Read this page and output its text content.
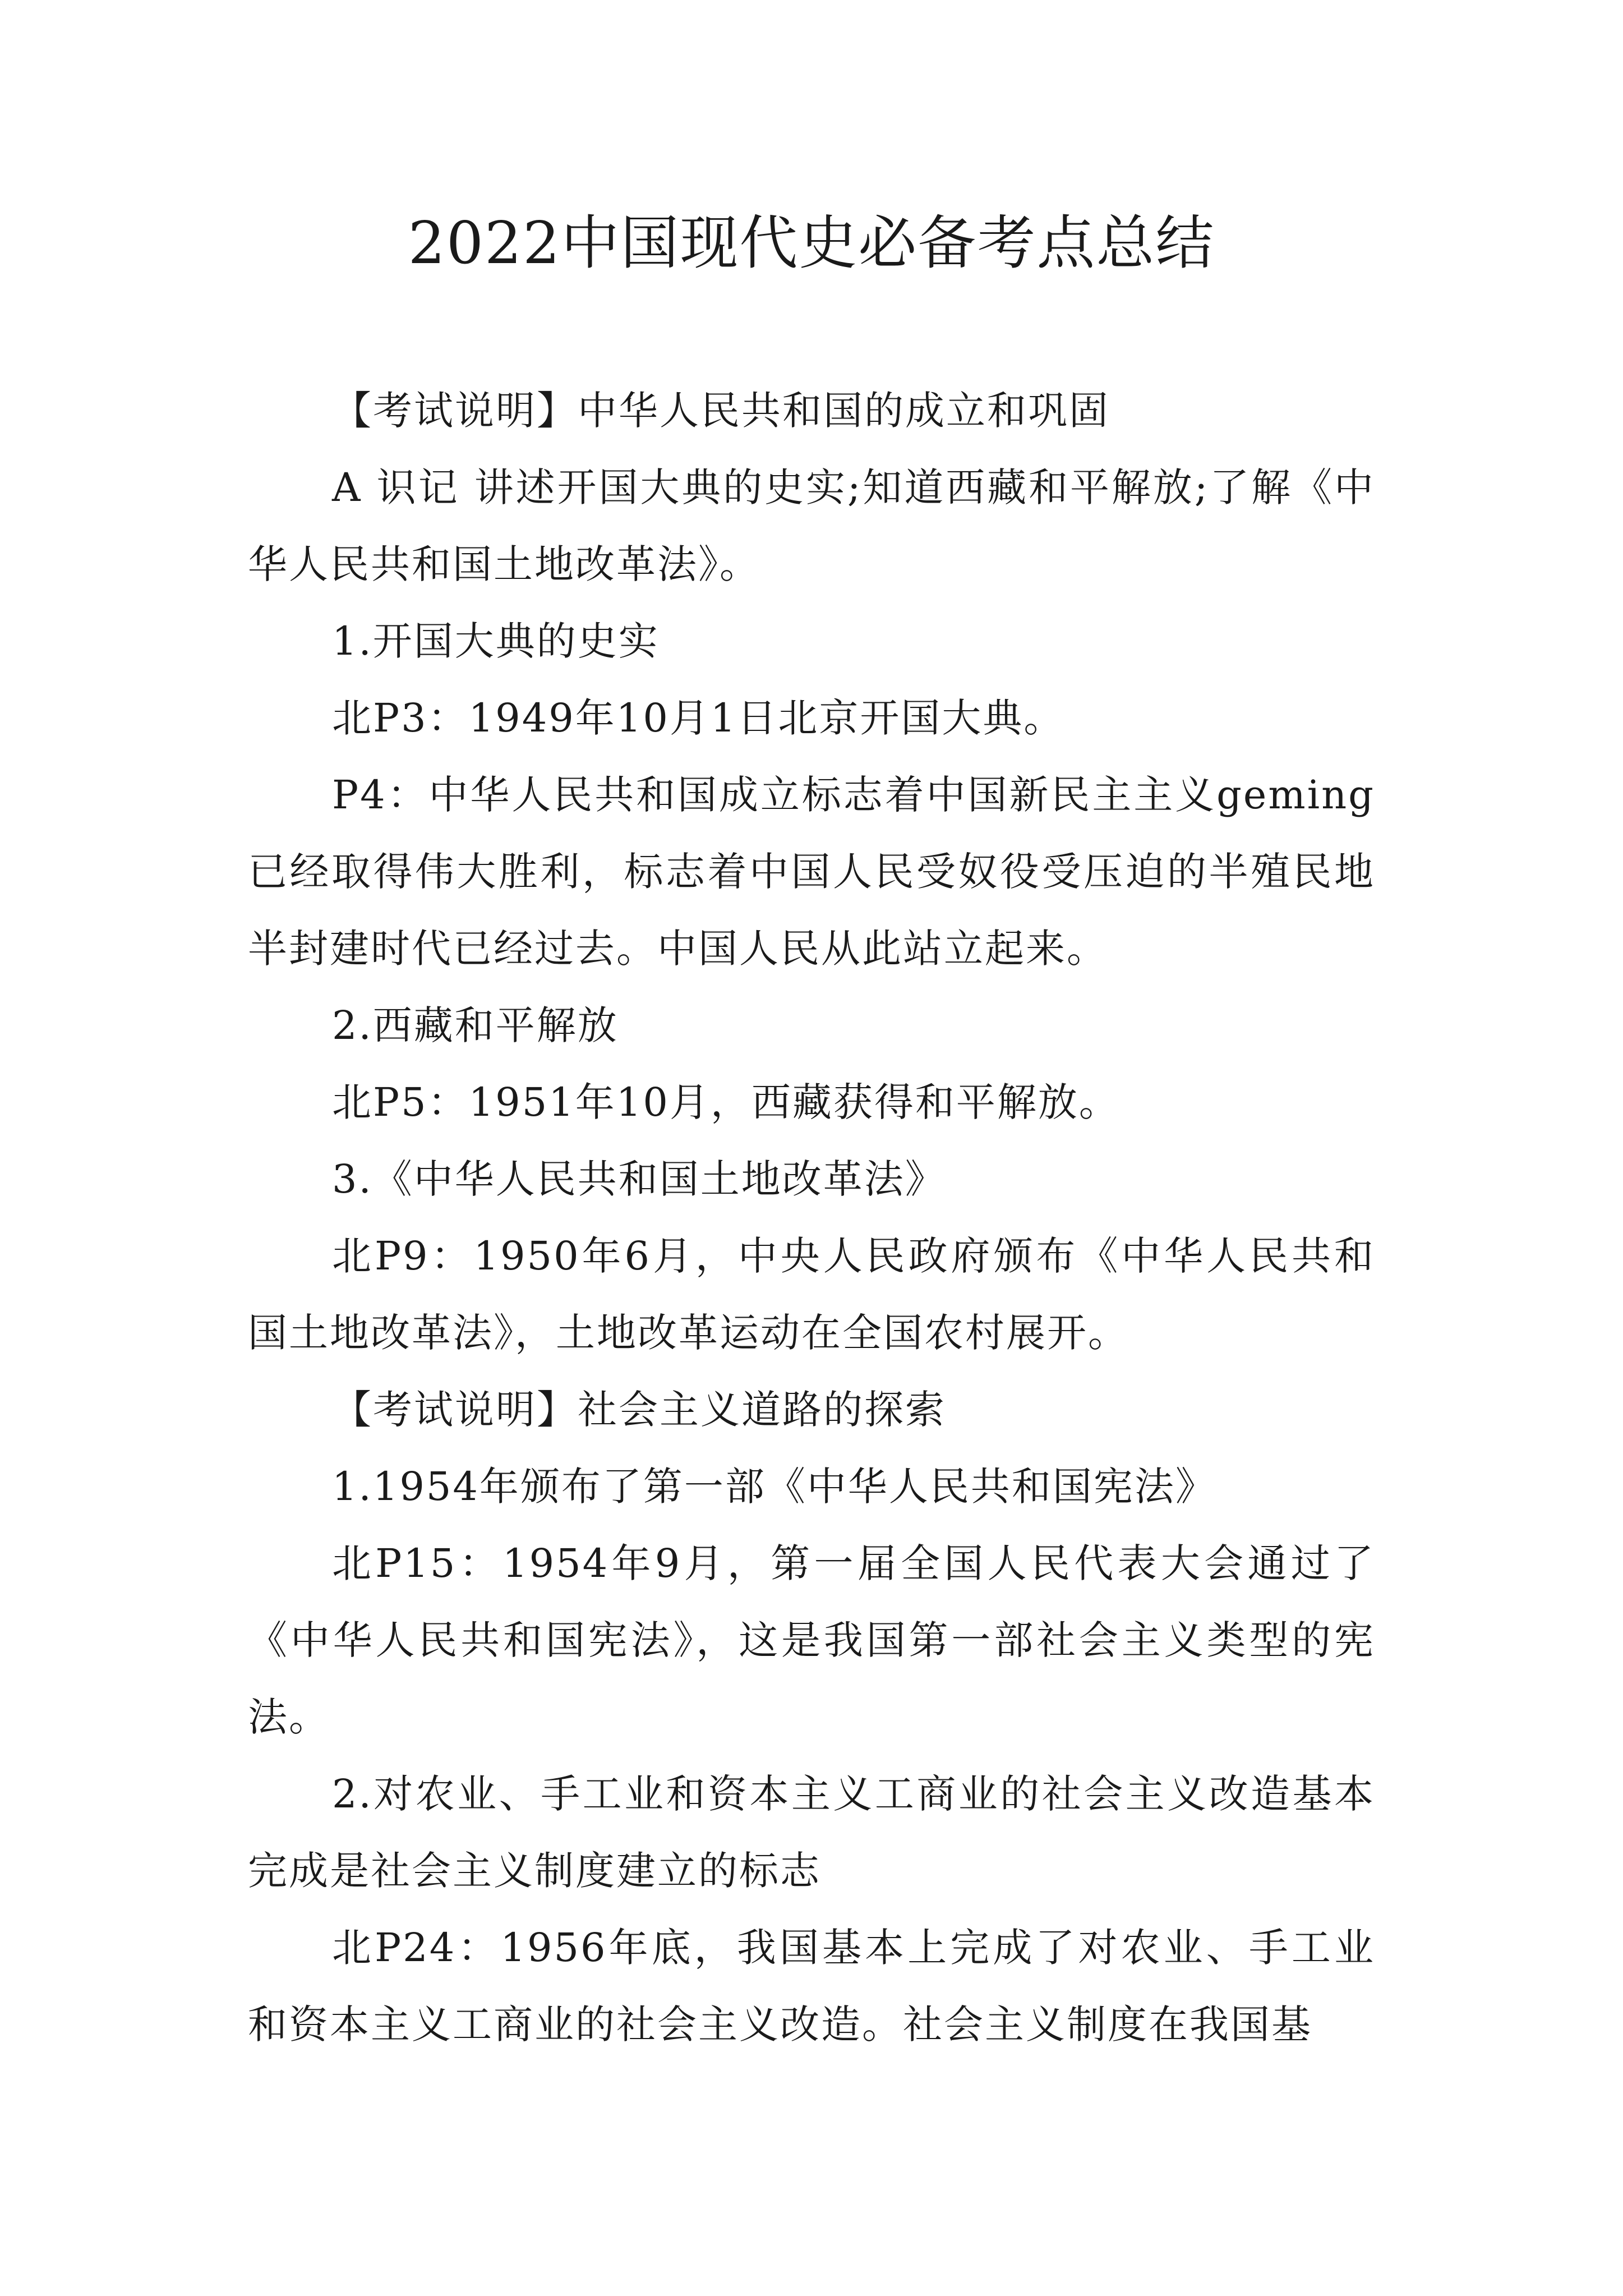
2022中国现代史必备考点总结

【考试说明】中华人民共和国的成立和巩固

A 识记 讲述开国大典的史实;知道西藏和平解放;了解《中华人民共和国土地改革法》。

1.开国大典的史实

北P3：1949年10月1日北京开国大典。

P4：中华人民共和国成立标志着中国新民主主义geming已经取得伟大胜利，标志着中国人民受奴役受压迫的半殖民地半封建时代已经过去。中国人民从此站立起来。

2.西藏和平解放

北P5：1951年10月，西藏获得和平解放。

3.《中华人民共和国土地改革法》

北P9：1950年6月，中央人民政府颁布《中华人民共和国土地改革法》，土地改革运动在全国农村展开。

【考试说明】社会主义道路的探索

1.1954年颁布了第一部《中华人民共和国宪法》

北P15：1954年9月，第一届全国人民代表大会通过了《中华人民共和国宪法》，这是我国第一部社会主义类型的宪法。

2.对农业、手工业和资本主义工商业的社会主义改造基本完成是社会主义制度建立的标志

北P24：1956年底，我国基本上完成了对农业、手工业和资本主义工商业的社会主义改造。社会主义制度在我国基
